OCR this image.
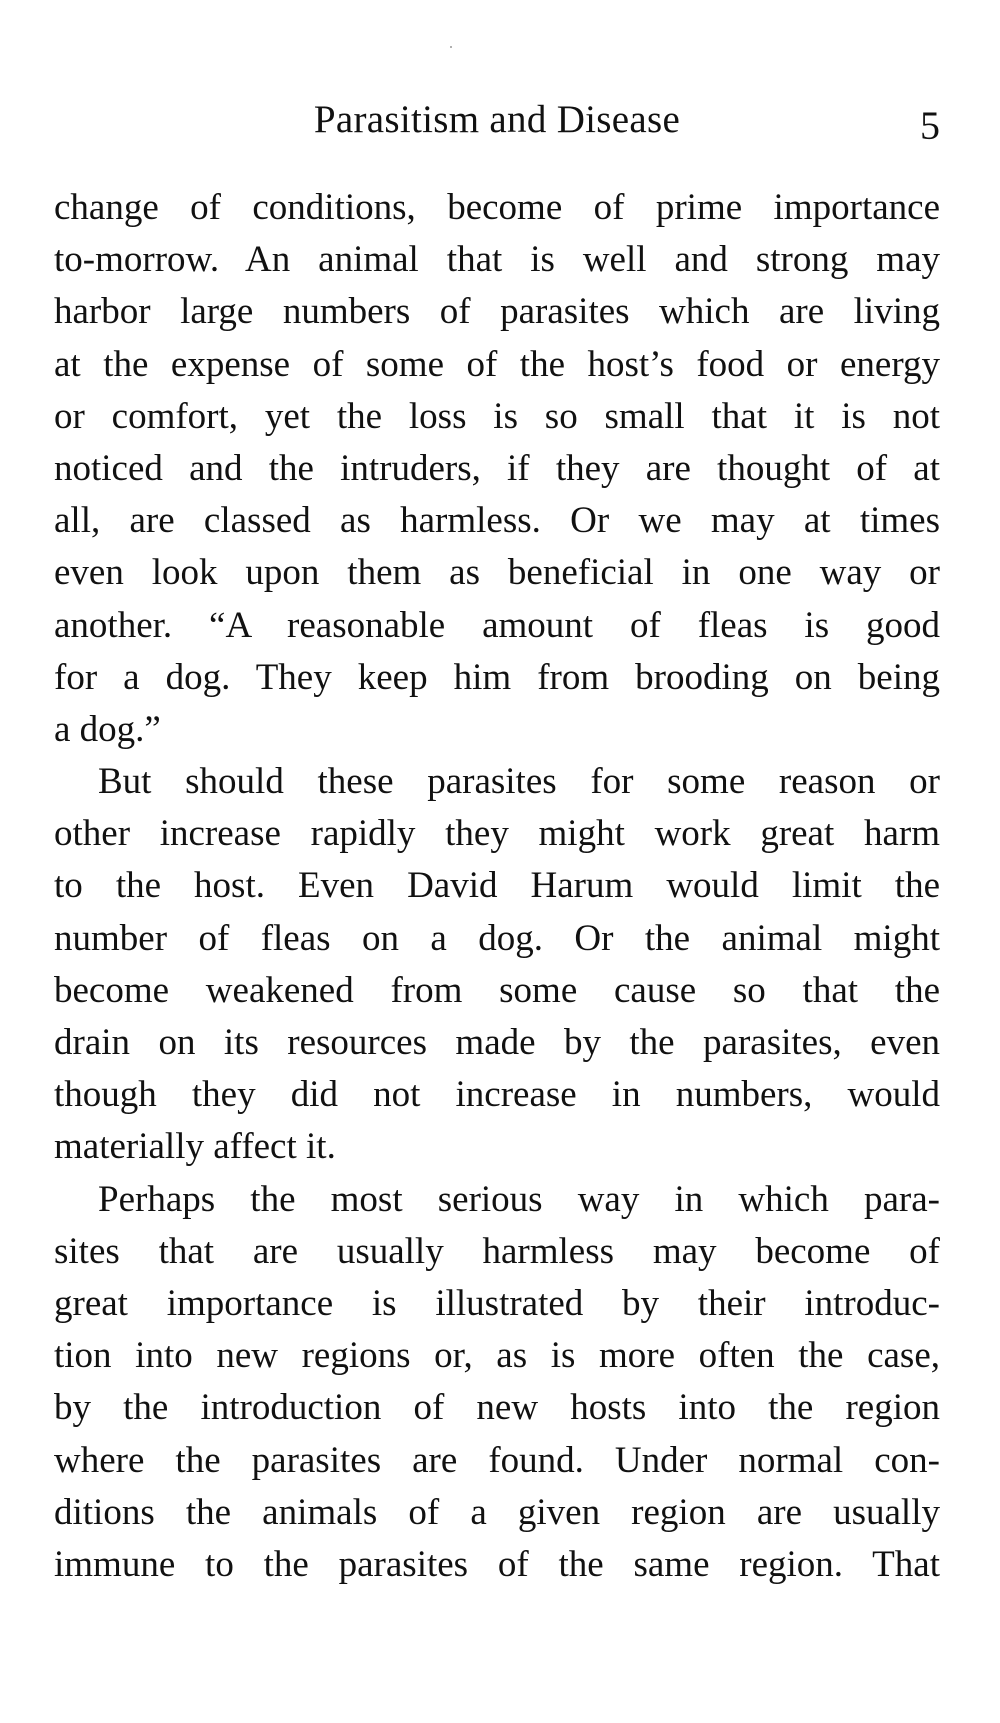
Parasitism and Disease	5
change of conditions, become of prime importance
to-morrow. An animal that is well and strong may
harbor large numbers of parasites which are living
at the expense of some of the host’s food or energy
or comfort, yet the loss is so small that it is not
noticed and the intruders, if they are thought of at
all, are classed as harmless. Or we may at times
even look upon them as beneficial in one way or
another. “A reasonable amount of fleas is good
for a dog. They keep him from brooding on being
a dog.”
But should these parasites for some reason or
other increase rapidly they might work great harm
to the host. Even David Harum would limit the
number of fleas on a dog. Or the animal might
become weakened from some cause so that the
drain on its resources made by the parasites, even
though they did not increase in numbers, would
materially affect it.
Perhaps the most serious way in which para-
sites that are usually harmless may become of
great importance is illustrated by their introduc-
tion into new regions or, as is more often the case,
by the introduction of new hosts into the region
where the parasites are found. Under normal con-
ditions the animals of a given region are usually
immune to the parasites of the same region. That
